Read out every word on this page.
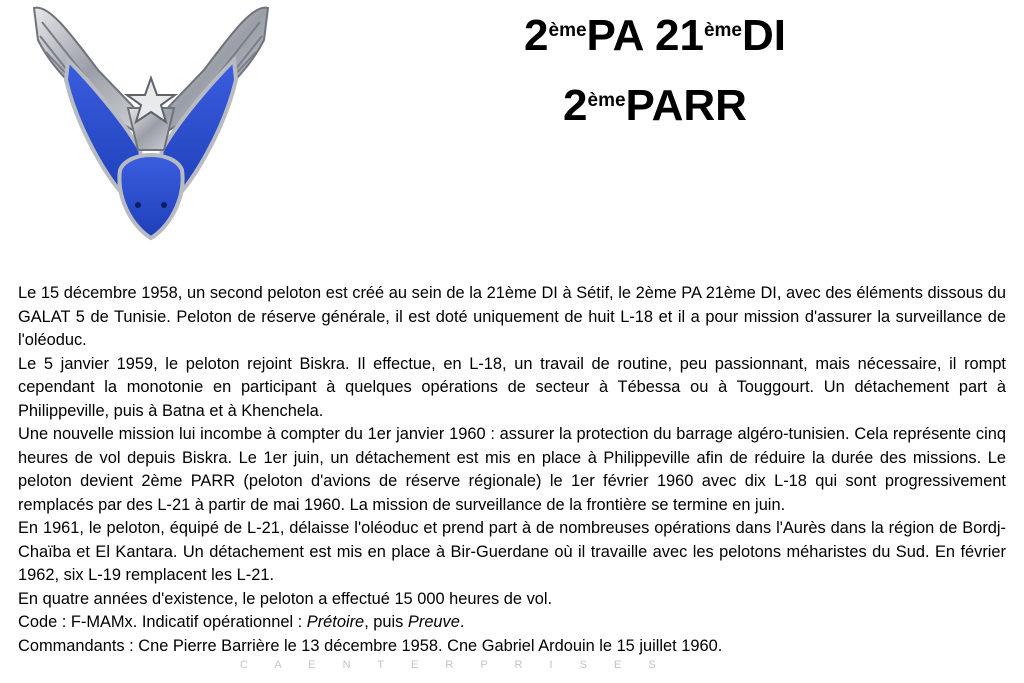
2èmePA 21èmeDI
2èmePARR

Le 15 décembre 1958, un second peloton est créé au sein de la 21ème DI à Sétif, le 2ème PA 21ème DI, avec des éléments dissous du GALAT 5 de Tunisie. Peloton de réserve générale, il est doté uniquement de huit L-18 et il a pour mission d'assurer la surveillance de l'oléoduc.

Le 5 janvier 1959, le peloton rejoint Biskra. Il effectue, en L-18, un travail de routine, peu passionnant, mais nécessaire, il rompt cependant la monotonie en participant à quelques opérations de secteur à Tébessa ou à Touggourt. Un détachement part à Philippeville, puis à Batna et à Khenchela.

Une nouvelle mission lui incombe à compter du 1er janvier 1960 : assurer la protection du barrage algéro-tunisien. Cela représente cinq heures de vol depuis Biskra. Le 1er juin, un détachement est mis en place à Philippeville afin de réduire la durée des missions. Le peloton devient 2ème PARR (peloton d'avions de réserve régionale) le 1er février 1960 avec dix L-18 qui sont progressivement remplacés par des L-21 à partir de mai 1960. La mission de surveillance de la frontière se termine en juin.

En 1961, le peloton, équipé de L-21, délaisse l'oléoduc et prend part à de nombreuses opérations dans l'Aurès dans la région de Bordj-Chaïba et El Kantara. Un détachement est mis en place à Bir-Guerdane où il travaille avec les pelotons méharistes du Sud. En février 1962, six L-19 remplacent les L-21.

En quatre années d'existence, le peloton a effectué 15 000 heures de vol.

Code : F-MAMx. Indicatif opérationnel : Prétoire, puis Preuve.

Commandants : Cne Pierre Barrière le 13 décembre 1958. Cne Gabriel Ardouin le 15 juillet 1960.

C A E N T E R P R I S E S
